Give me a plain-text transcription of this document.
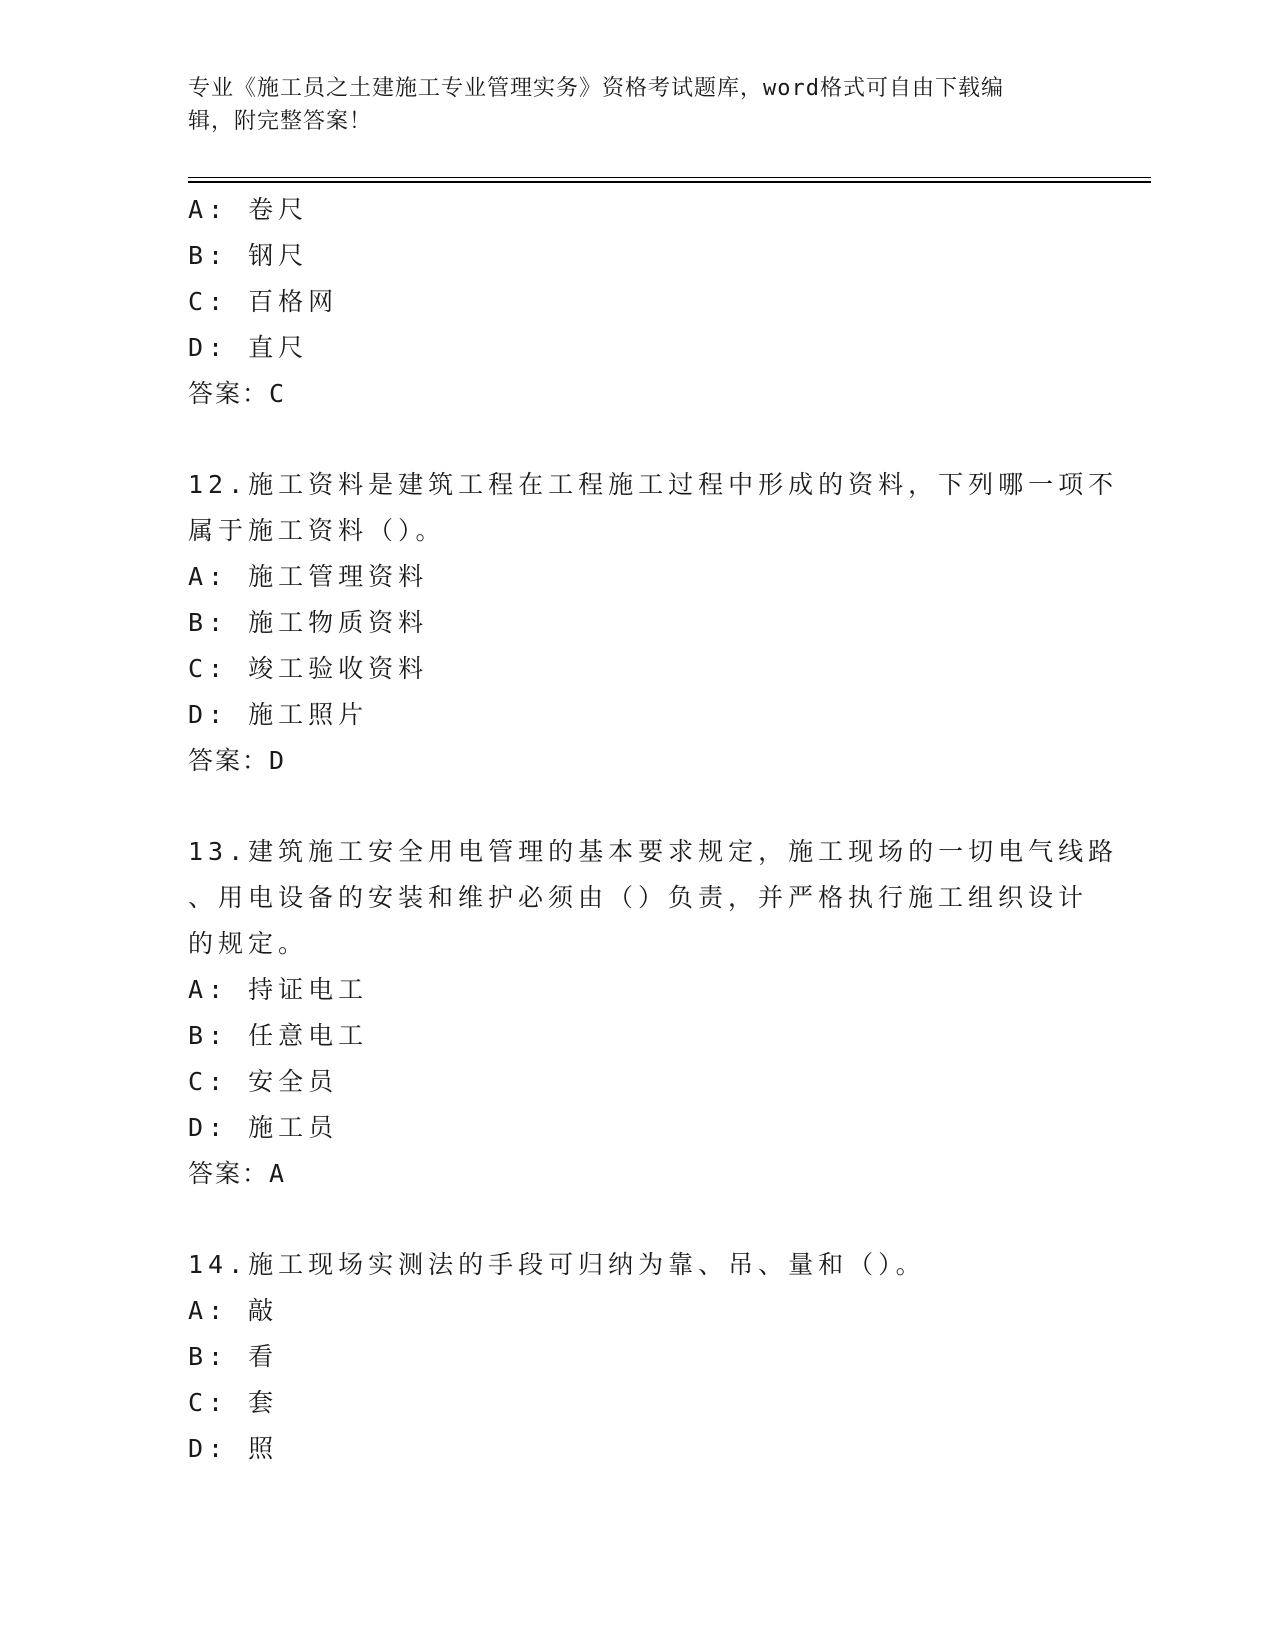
专业《施工员之土建施工专业管理实务》资格考试题库，word格式可自由下载编
辑，附完整答案！
A: 卷尺
B: 钢尺
C: 百格网
D: 直尺
答案：C
12.施工资料是建筑工程在工程施工过程中形成的资料，下列哪一项不
属于施工资料（）。
A: 施工管理资料
B: 施工物质资料
C: 竣工验收资料
D: 施工照片
答案：D
13.建筑施工安全用电管理的基本要求规定，施工现场的一切电气线路
、用电设备的安装和维护必须由（）负责，并严格执行施工组织设计
的规定。
A: 持证电工
B: 任意电工
C: 安全员
D: 施工员
答案：A
14.施工现场实测法的手段可归纳为靠、吊、量和（）。
A: 敲
B: 看
C: 套
D: 照
